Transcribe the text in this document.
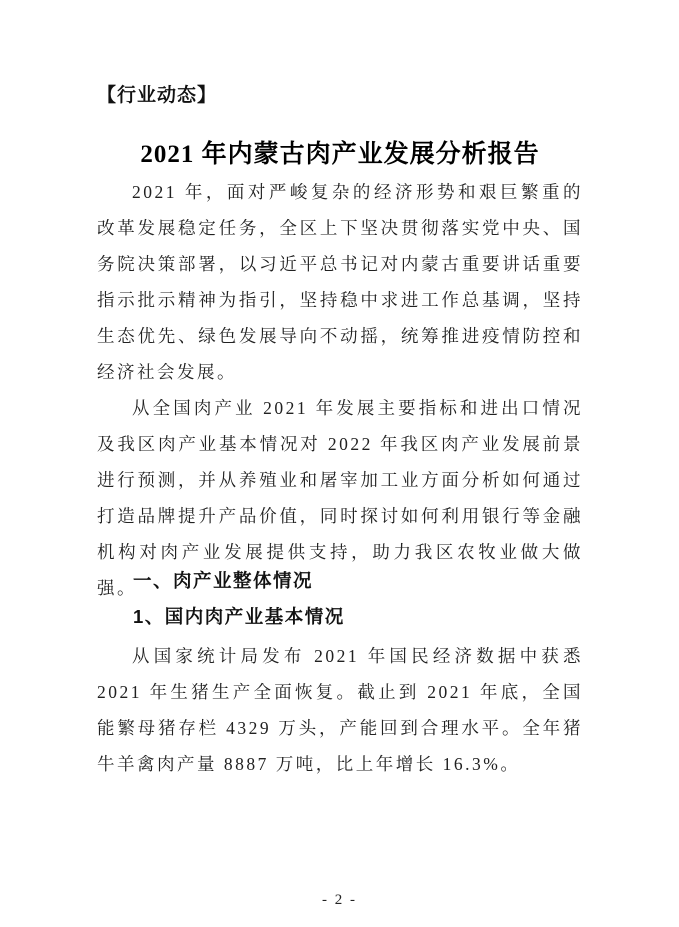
【行业动态】
2021 年内蒙古肉产业发展分析报告

2021 年，面对严峻复杂的经济形势和艰巨繁重的改革发展稳定任务，全区上下坚决贯彻落实党中央、国务院决策部署，以习近平总书记对内蒙古重要讲话重要指示批示精神为指引，坚持稳中求进工作总基调，坚持生态优先、绿色发展导向不动摇，统筹推进疫情防控和经济社会发展。

从全国肉产业 2021 年发展主要指标和进出口情况及我区肉产业基本情况对 2022 年我区肉产业发展前景进行预测，并从养殖业和屠宰加工业方面分析如何通过打造品牌提升产品价值，同时探讨如何利用银行等金融机构对肉产业发展提供支持，助力我区农牧业做大做强。

一、肉产业整体情况
1、国内肉产业基本情况

从国家统计局发布 2021 年国民经济数据中获悉 2021 年生猪生产全面恢复。截止到 2021 年底，全国能繁母猪存栏 4329 万头，产能回到合理水平。全年猪牛羊禽肉产量 8887 万吨，比上年增长 16.3%。

- 2 -
